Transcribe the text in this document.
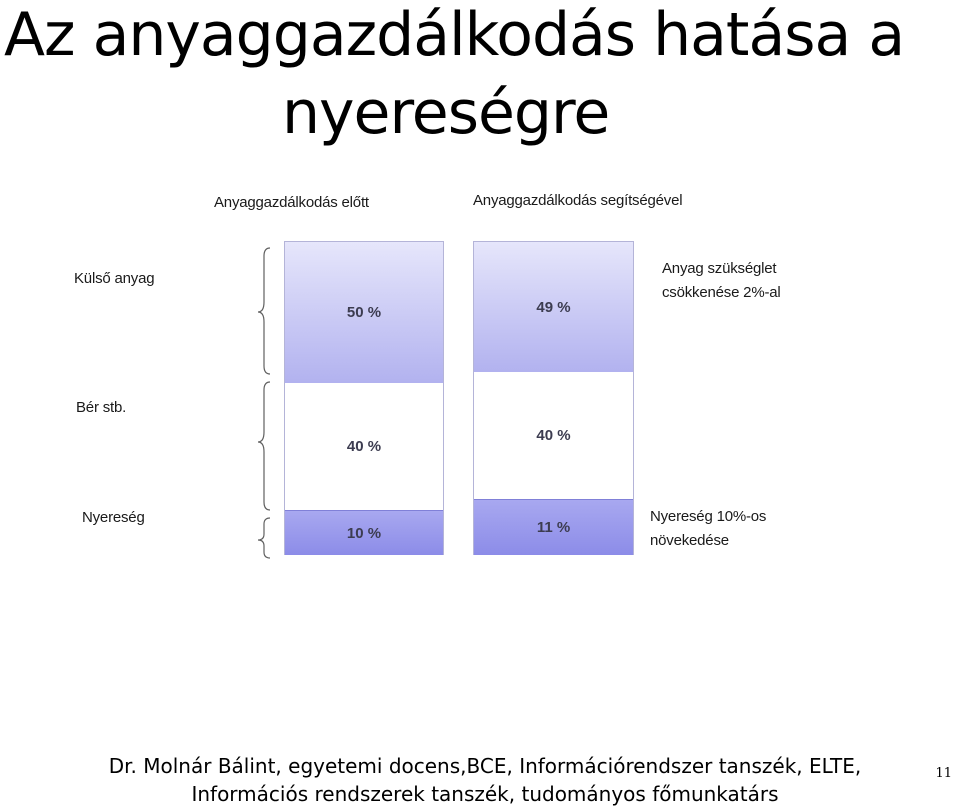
Az anyaggazdálkodás hatása a
nyereségre
Anyaggazdálkodás előtt	Anyaggazdálkodás segítségével
Külső anyag
Bér stb.
Nyereség
50 %
40 %
10 %
49 %
40 %
11 %
Anyag szükséglet
csökkenése 2%-al
Nyereség 10%-os
növekedése
Dr. Molnár Bálint, egyetemi docens,BCE, Információrendszer tanszék, ELTE,
Információs rendszerek tanszék, tudományos főmunkatárs
11
